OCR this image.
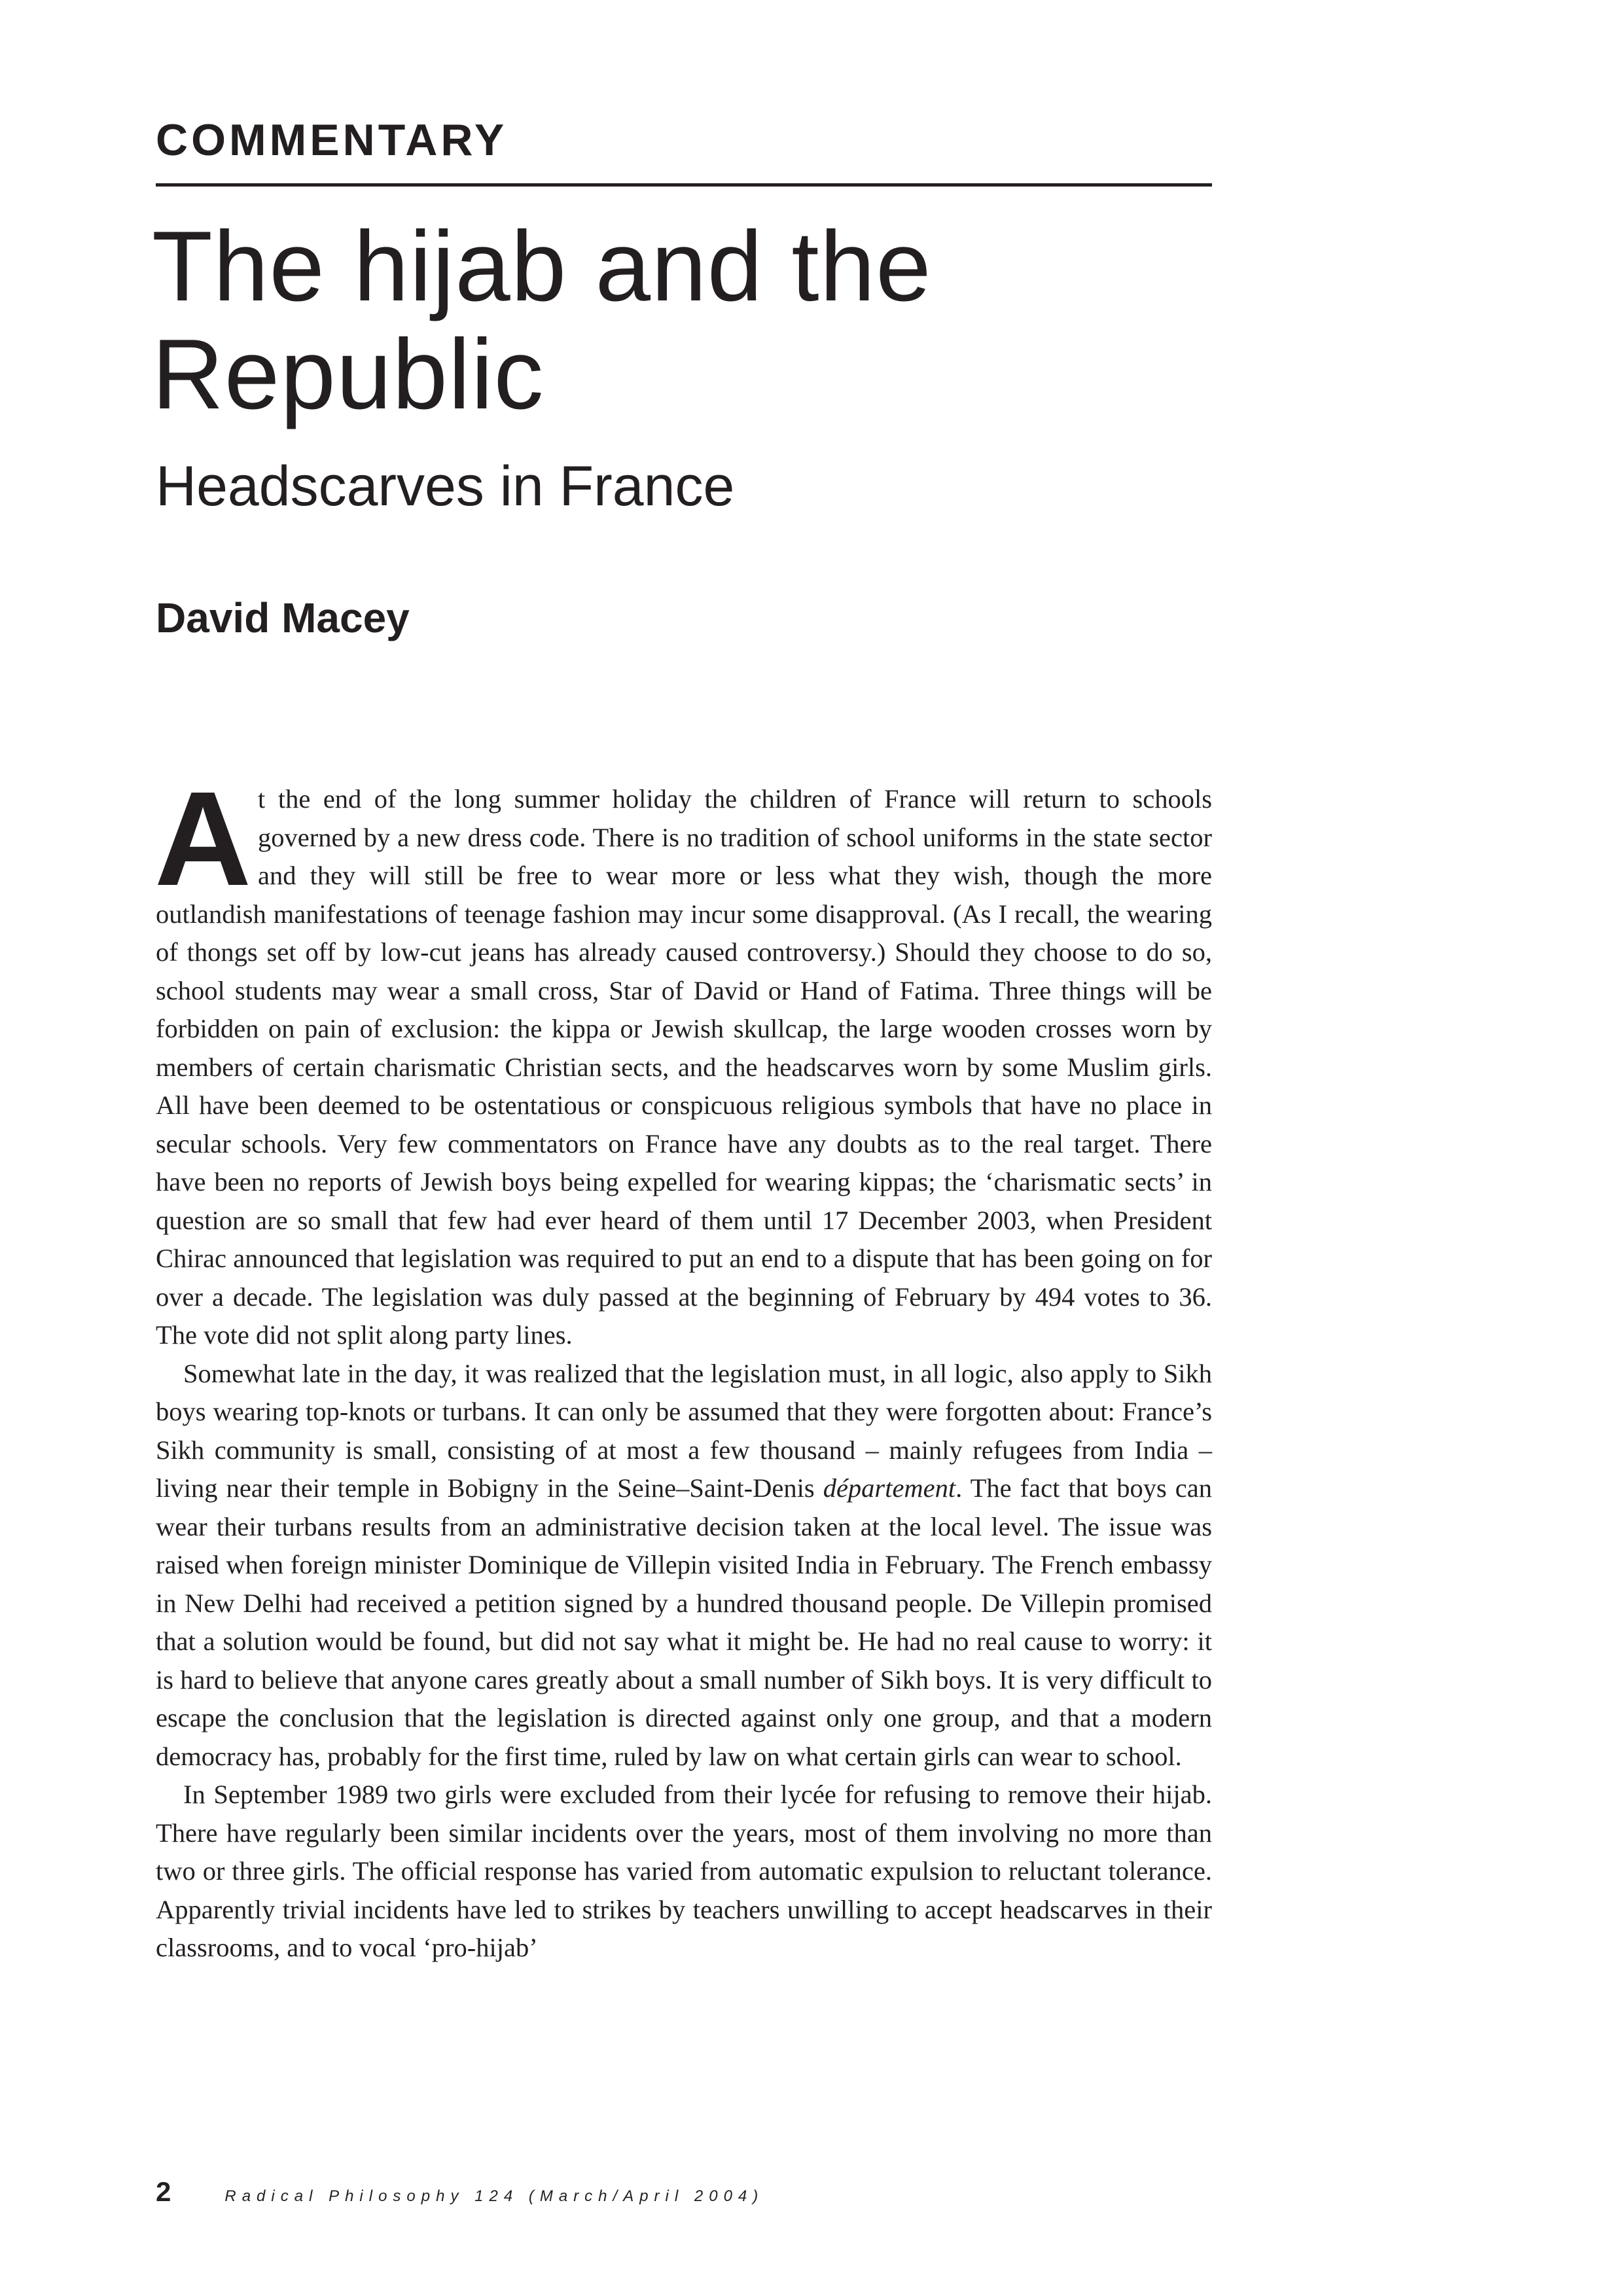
COMMENTARY
The hijab and the Republic
Headscarves in France
David Macey

At the end of the long summer holiday the children of France will return to schools governed by a new dress code. There is no tradition of school uniforms in the state sector and they will still be free to wear more or less what they wish, though the more outlandish manifestations of teenage fashion may incur some disapproval. (As I recall, the wearing of thongs set off by low-cut jeans has already caused controversy.) Should they choose to do so, school students may wear a small cross, Star of David or Hand of Fatima. Three things will be forbidden on pain of exclusion: the kippa or Jewish skullcap, the large wooden crosses worn by members of certain charismatic Christian sects, and the headscarves worn by some Muslim girls. All have been deemed to be ostentatious or conspicuous religious symbols that have no place in secular schools. Very few commentators on France have any doubts as to the real target. There have been no reports of Jewish boys being expelled for wearing kippas; the ‘charismatic sects’ in question are so small that few had ever heard of them until 17 December 2003, when President Chirac announced that legislation was required to put an end to a dispute that has been going on for over a decade. The legislation was duly passed at the beginning of February by 494 votes to 36. The vote did not split along party lines.

Somewhat late in the day, it was realized that the legislation must, in all logic, also apply to Sikh boys wearing top-knots or turbans. It can only be assumed that they were forgotten about: France’s Sikh community is small, consisting of at most a few thousand – mainly refugees from India – living near their temple in Bobigny in the Seine–Saint-Denis département. The fact that boys can wear their turbans results from an administrative decision taken at the local level. The issue was raised when foreign minister Dominique de Villepin visited India in February. The French embassy in New Delhi had received a petition signed by a hundred thousand people. De Villepin promised that a solution would be found, but did not say what it might be. He had no real cause to worry: it is hard to believe that anyone cares greatly about a small number of Sikh boys. It is very difficult to escape the conclusion that the legislation is directed against only one group, and that a modern democracy has, probably for the first time, ruled by law on what certain girls can wear to school.

In September 1989 two girls were excluded from their lycée for refusing to remove their hijab. There have regularly been similar incidents over the years, most of them involving no more than two or three girls. The official response has varied from automatic expulsion to reluctant tolerance. Apparently trivial incidents have led to strikes by teachers unwilling to accept headscarves in their classrooms, and to vocal ‘pro-hijab’

2	Radical Philosophy 124 (March/April 2004)
